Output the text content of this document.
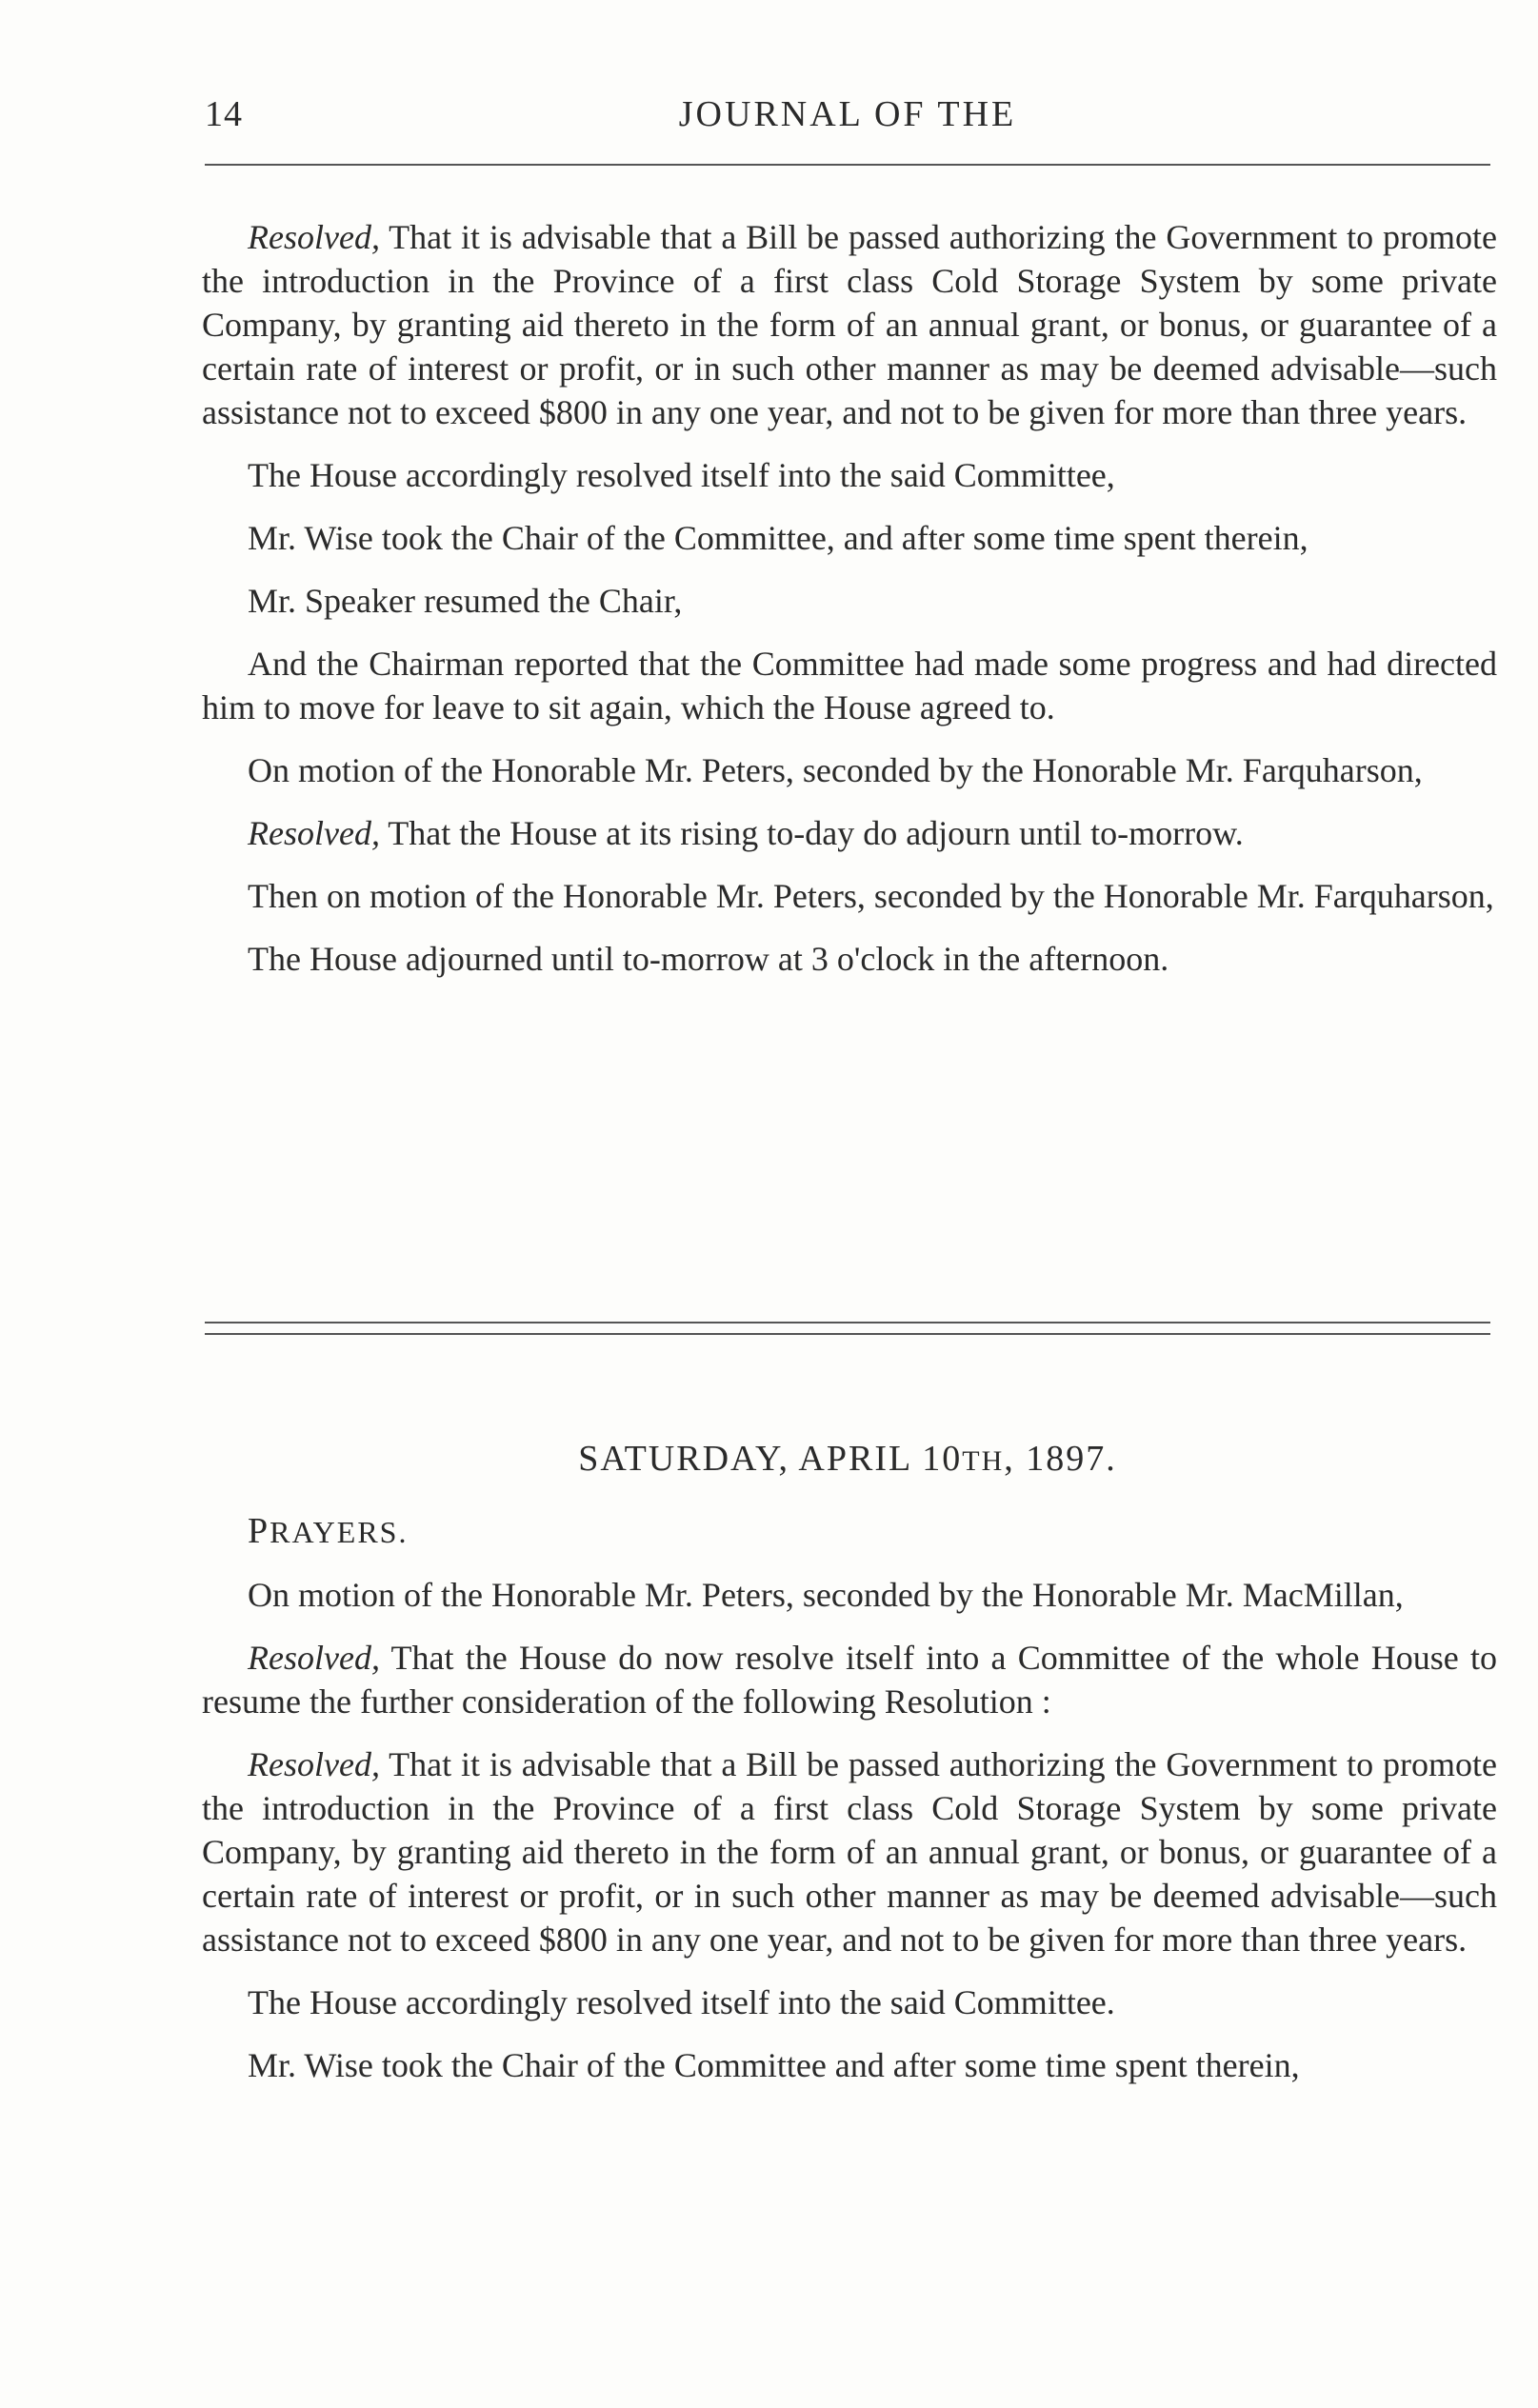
14	JOURNAL OF THE

Resolved, That it is advisable that a Bill be passed authorizing the Government to promote the introduction in the Province of a first class Cold Storage System by some private Company, by granting aid thereto in the form of an annual grant, or bonus, or guarantee of a certain rate of interest or profit, or in such other manner as may be deemed advisable—such assistance not to exceed $800 in any one year, and not to be given for more than three years.

The House accordingly resolved itself into the said Committee,

Mr. Wise took the Chair of the Committee, and after some time spent therein,

Mr. Speaker resumed the Chair,

And the Chairman reported that the Committee had made some progress and had directed him to move for leave to sit again, which the House agreed to.

On motion of the Honorable Mr. Peters, seconded by the Honorable Mr. Farquharson,

Resolved, That the House at its rising to-day do adjourn until to-morrow.

Then on motion of the Honorable Mr. Peters, seconded by the Honorable Mr. Farquharson,

The House adjourned until to-morrow at 3 o'clock in the afternoon.

SATURDAY, APRIL 10TH, 1897.
PRAYERS.

On motion of the Honorable Mr. Peters, seconded by the Honorable Mr. MacMillan,

Resolved, That the House do now resolve itself into a Committee of the whole House to resume the further consideration of the following Resolution :

Resolved, That it is advisable that a Bill be passed authorizing the Government to promote the introduction in the Province of a first class Cold Storage System by some private Company, by granting aid thereto in the form of an annual grant, or bonus, or guarantee of a certain rate of interest or profit, or in such other manner as may be deemed advisable—such assistance not to exceed $800 in any one year, and not to be given for more than three years.

The House accordingly resolved itself into the said Committee.

Mr. Wise took the Chair of the Committee and after some time spent therein,
